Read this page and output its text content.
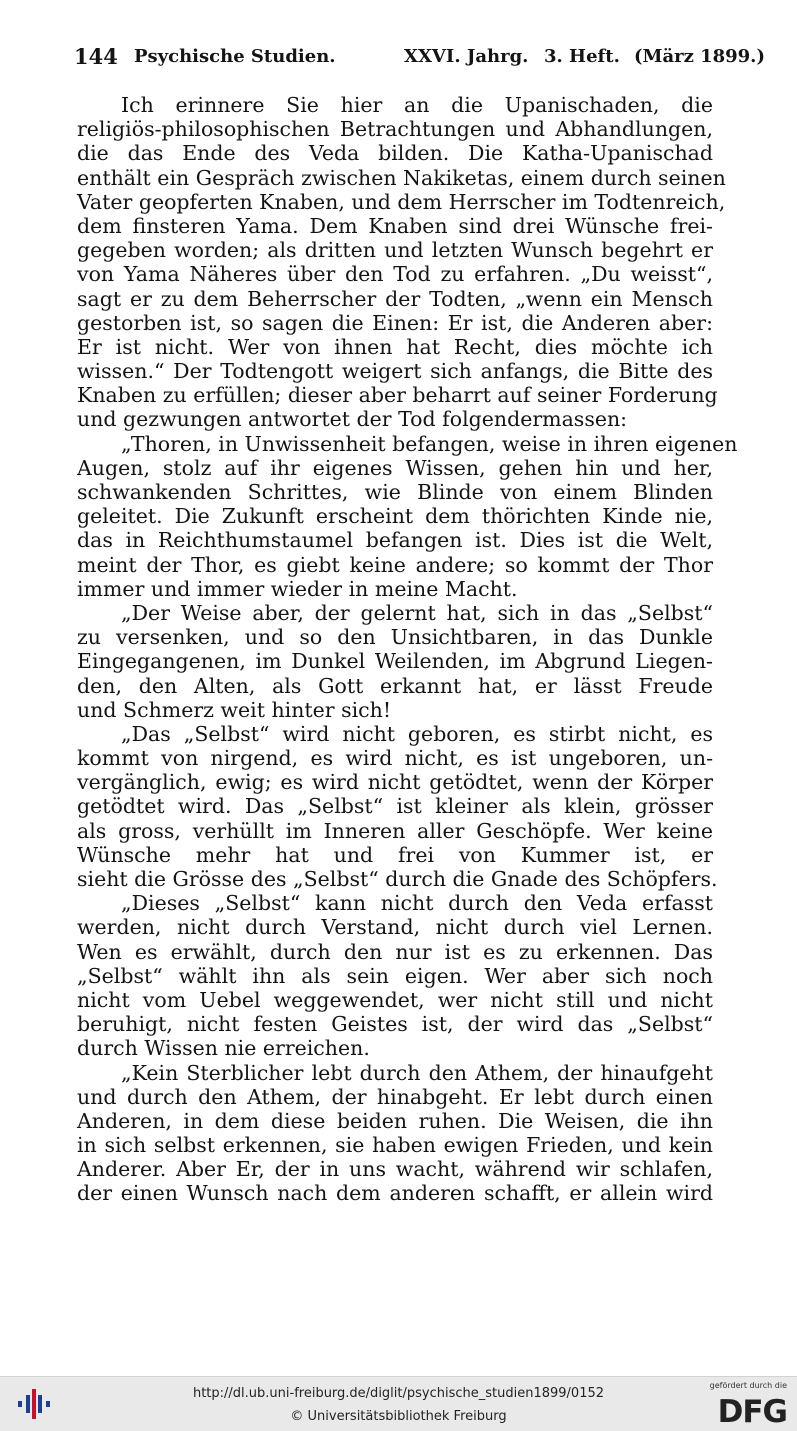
144 Psychische Studien.	XXVI. Jahrg. 3. Heft. (März 1899.)
Ich erinnere Sie hier an die Upanischaden, die
religiös-philosophischen Betrachtungen und Abhandlungen,
die das Ende des Veda bilden. Die Katha-Upanischad
enthält ein Gespräch zwischen Nakiketas, einem durch seinen
Vater geopferten Knaben, und dem Herrscher im Todtenreich,
dem finsteren Yama. Dem Knaben sind drei Wünsche frei-
gegeben worden; als dritten und letzten Wunsch begehrt er
von Yama Näheres über den Tod zu erfahren. „Du weisst“,
sagt er zu dem Beherrscher der Todten, „wenn ein Mensch
gestorben ist, so sagen die Einen: Er ist, die Anderen aber:
Er ist nicht. Wer von ihnen hat Recht, dies möchte ich
wissen.“ Der Todtengott weigert sich anfangs, die Bitte des
Knaben zu erfüllen; dieser aber beharrt auf seiner Forderung
und gezwungen antwortet der Tod folgendermassen:
„Thoren, in Unwissenheit befangen, weise in ihren eigenen
Augen, stolz auf ihr eigenes Wissen, gehen hin und her,
schwankenden Schrittes, wie Blinde von einem Blinden
geleitet. Die Zukunft erscheint dem thörichten Kinde nie,
das in Reichthumstaumel befangen ist. Dies ist die Welt,
meint der Thor, es giebt keine andere; so kommt der Thor
immer und immer wieder in meine Macht.
„Der Weise aber, der gelernt hat, sich in das „Selbst“
zu versenken, und so den Unsichtbaren, in das Dunkle
Eingegangenen, im Dunkel Weilenden, im Abgrund Liegen-
den, den Alten, als Gott erkannt hat, er lässt Freude
und Schmerz weit hinter sich!
„Das „Selbst“ wird nicht geboren, es stirbt nicht, es
kommt von nirgend, es wird nicht, es ist ungeboren, un-
vergänglich, ewig; es wird nicht getödtet, wenn der Körper
getödtet wird. Das „Selbst“ ist kleiner als klein, grösser
als gross, verhüllt im Inneren aller Geschöpfe. Wer keine
Wünsche mehr hat und frei von Kummer ist, er
sieht die Grösse des „Selbst“ durch die Gnade des Schöpfers.
„Dieses „Selbst“ kann nicht durch den Veda erfasst
werden, nicht durch Verstand, nicht durch viel Lernen.
Wen es erwählt, durch den nur ist es zu erkennen. Das
„Selbst“ wählt ihn als sein eigen. Wer aber sich noch
nicht vom Uebel weggewendet, wer nicht still und nicht
beruhigt, nicht festen Geistes ist, der wird das „Selbst“
durch Wissen nie erreichen.
„Kein Sterblicher lebt durch den Athem, der hinaufgeht
und durch den Athem, der hinabgeht. Er lebt durch einen
Anderen, in dem diese beiden ruhen. Die Weisen, die ihn
in sich selbst erkennen, sie haben ewigen Frieden, und kein
Anderer. Aber Er, der in uns wacht, während wir schlafen,
der einen Wunsch nach dem anderen schafft, er allein wird
http://dl.ub.uni-freiburg.de/diglit/psychische_studien1899/0152
© Universitätsbibliothek Freiburg
gefördert durch die
DFG
